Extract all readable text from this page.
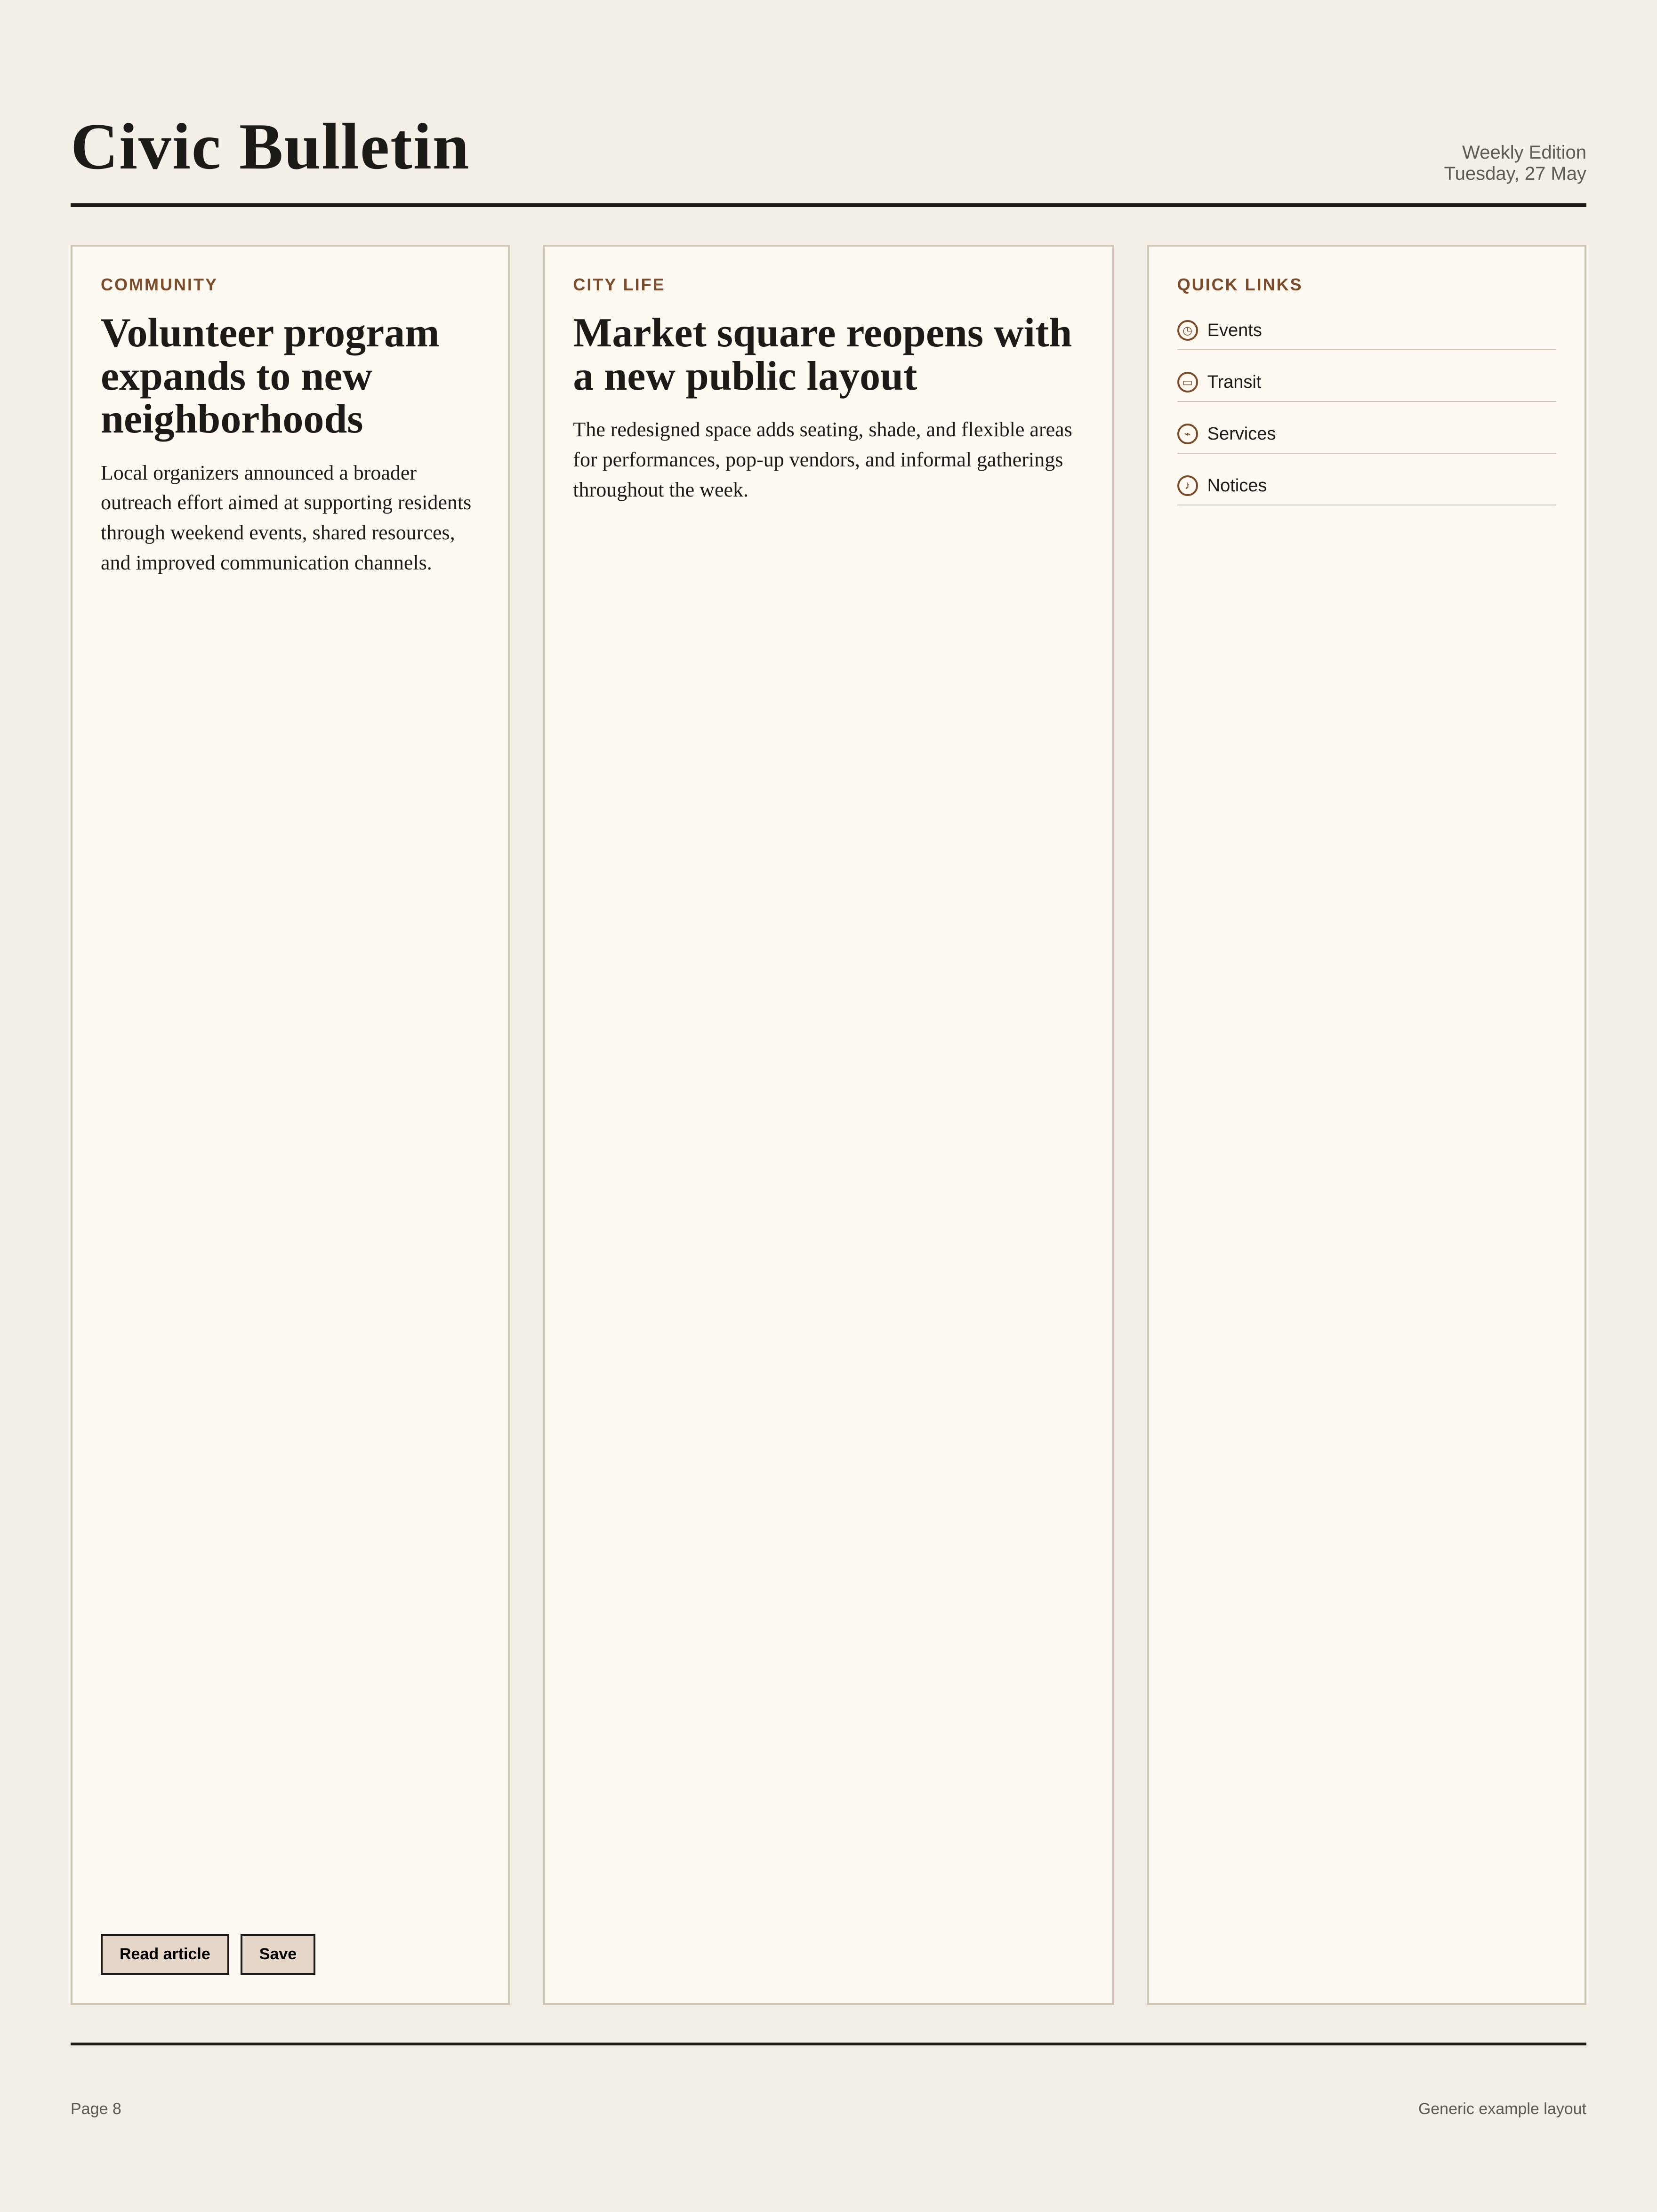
Civic Bulletin	Weekly Edition
Tuesday, 27 May
COMMUNITY
Volunteer program expands to new neighborhoods
Local organizers announced a broader outreach effort aimed at supporting residents through weekend events, shared resources, and improved communication channels.
Read article	Save
CITY LIFE
Market square reopens with a new public layout
The redesigned space adds seating, shade, and flexible areas for performances, pop-up vendors, and informal gatherings throughout the week.
QUICK LINKS
◷ Events
▭ Transit
⌁ Services
♪ Notices
Page 8	Generic example layout
